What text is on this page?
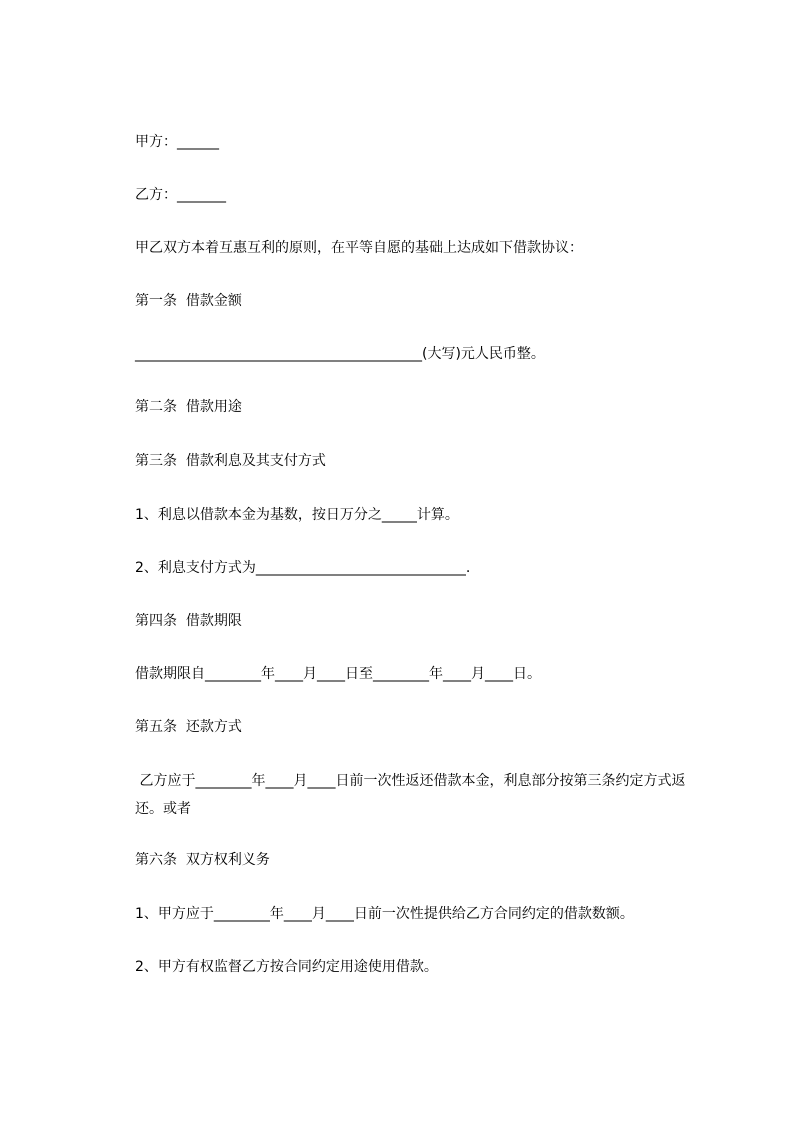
甲方：______

乙方：_______

甲乙双方本着互惠互利的原则，在平等自愿的基础上达成如下借款协议：

第一条  借款金额

_________________________________________(大写)元人民币整。

第二条  借款用途

第三条  借款利息及其支付方式

1、利息以借款本金为基数，按日万分之_____计算。

2、利息支付方式为______________________________.

第四条  借款期限

借款期限自________年____月____日至________年____月____日。

第五条  还款方式

乙方应于________年____月____日前一次性返还借款本金，利息部分按第三条约定方式返还。或者

第六条  双方权利义务

1、甲方应于________年____月____日前一次性提供给乙方合同约定的借款数额。

2、甲方有权监督乙方按合同约定用途使用借款。
